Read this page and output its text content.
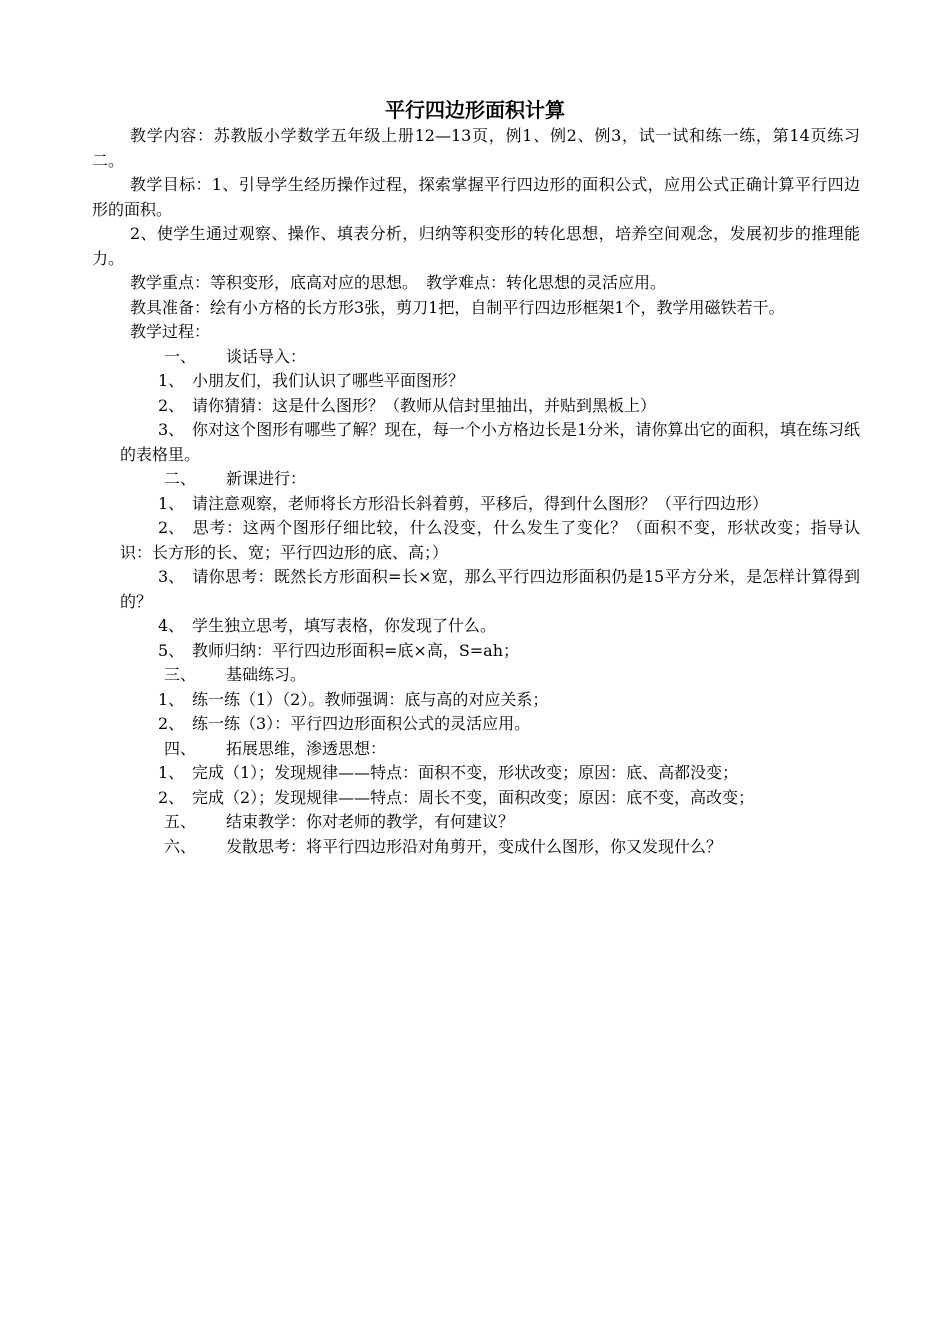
平行四边形面积计算

教学内容：苏教版小学数学五年级上册12—13页，例1、例2、例3，试一试和练一练，第14页练习二。

教学目标：1、引导学生经历操作过程，探索掌握平行四边形的面积公式，应用公式正确计算平行四边形的面积。

2、使学生通过观察、操作、填表分析，归纳等积变形的转化思想，培养空间观念，发展初步的推理能力。

教学重点：等积变形，底高对应的思想。　教学难点：转化思想的灵活应用。

教具准备：绘有小方格的长方形3张，剪刀1把，自制平行四边形框架1个，教学用磁铁若干。

教学过程：

一、 谈话导入：

1、 小朋友们，我们认识了哪些平面图形？

2、 请你猜猜：这是什么图形？（教师从信封里抽出，并贴到黑板上）

3、 你对这个图形有哪些了解？现在，每一个小方格边长是1分米，请你算出它的面积，填在练习纸的表格里。

二、 新课进行：

1、 请注意观察，老师将长方形沿长斜着剪，平移后，得到什么图形？（平行四边形）

2、 思考：这两个图形仔细比较，什么没变，什么发生了变化？（面积不变，形状改变；指导认识：长方形的长、宽；平行四边形的底、高；）

3、 请你思考：既然长方形面积=长×宽，那么平行四边形面积仍是15平方分米，是怎样计算得到的？

4、 学生独立思考，填写表格，你发现了什么。

5、 教师归纳：平行四边形面积=底×高，S=ah；

三、 基础练习。

1、 练一练（1）（2）。教师强调：底与高的对应关系；

2、 练一练（3）：平行四边形面积公式的灵活应用。

四、 拓展思维，渗透思想：

1、 完成（1）；发现规律——特点：面积不变，形状改变；原因：底、高都没变；

2、 完成（2）；发现规律——特点：周长不变，面积改变；原因：底不变，高改变；

五、 结束教学：你对老师的教学，有何建议？

六、 发散思考：将平行四边形沿对角剪开，变成什么图形，你又发现什么？
